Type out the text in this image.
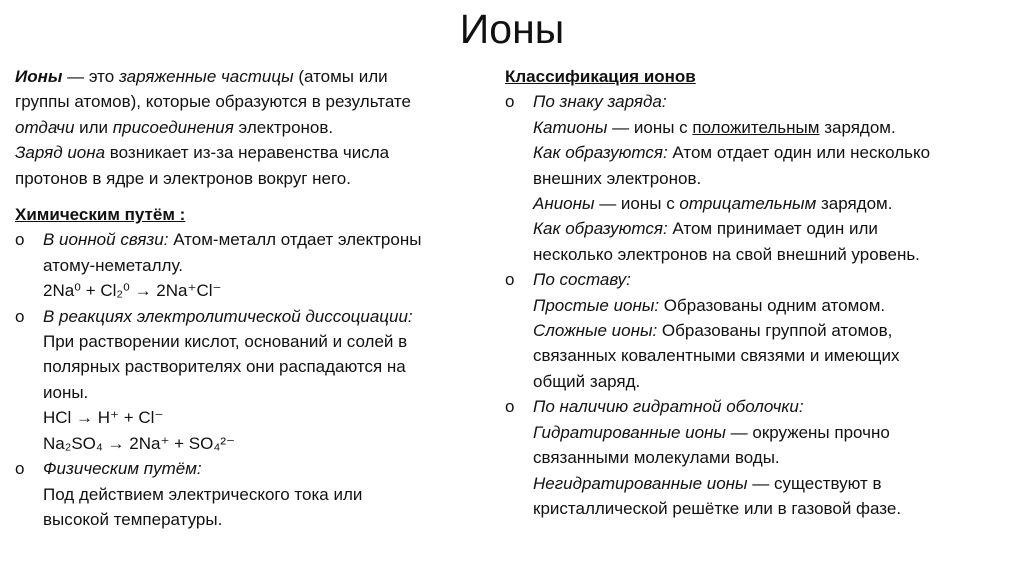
Ионы
Ионы — это заряженные частицы (атомы или
группы атомов), которые образуются в результате
отдачи или присоединения электронов.
Заряд иона возникает из-за неравенства числа
протонов в ядре и электронов вокруг него.
Химическим путём :
o В ионной связи: Атом-металл отдает электроны
атому-неметаллу.
2Na⁰ + Cl₂⁰ → 2Na⁺Cl⁻
o В реакциях электролитической диссоциации:
При растворении кислот, оснований и солей в
полярных растворителях они распадаются на
ионы.
HCl → H⁺ + Cl⁻
Na₂SO₄ → 2Na⁺ + SO₄²⁻
o Физическим путём:
Под действием электрического тока или
высокой температуры.
Классификация ионов
o По знаку заряда:
Катионы — ионы с положительным зарядом.
Как образуются: Атом отдает один или несколько
внешних электронов.
Анионы — ионы с отрицательным зарядом.
Как образуются: Атом принимает один или
несколько электронов на свой внешний уровень.
o По составу:
Простые ионы: Образованы одним атомом.
Сложные ионы: Образованы группой атомов,
связанных ковалентными связями и имеющих
общий заряд.
o По наличию гидратной оболочки:
Гидратированные ионы — окружены прочно
связанными молекулами воды.
Негидратированные ионы — существуют в
кристаллической решётке или в газовой фазе.
